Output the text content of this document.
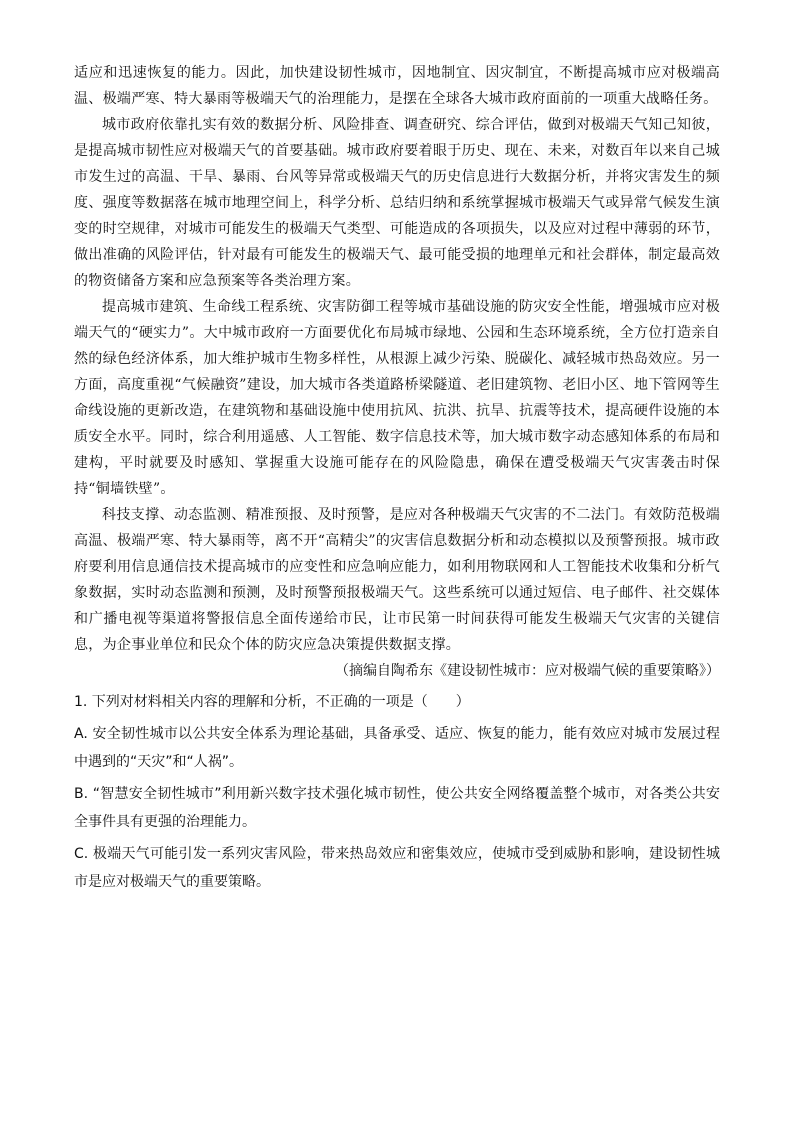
适应和迅速恢复的能力。因此，加快建设韧性城市，因地制宜、因灾制宜，不断提高城市应对极端高温、极端严寒、特大暴雨等极端天气的治理能力，是摆在全球各大城市政府面前的一项重大战略任务。

城市政府依靠扎实有效的数据分析、风险排查、调查研究、综合评估，做到对极端天气知己知彼，是提高城市韧性应对极端天气的首要基础。城市政府要着眼于历史、现在、未来，对数百年以来自己城市发生过的高温、干旱、暴雨、台风等异常或极端天气的历史信息进行大数据分析，并将灾害发生的频度、强度等数据落在城市地理空间上，科学分析、总结归纳和系统掌握城市极端天气或异常气候发生演变的时空规律，对城市可能发生的极端天气类型、可能造成的各项损失，以及应对过程中薄弱的环节，做出准确的风险评估，针对最有可能发生的极端天气、最可能受损的地理单元和社会群体，制定最高效的物资储备方案和应急预案等各类治理方案。

提高城市建筑、生命线工程系统、灾害防御工程等城市基础设施的防灾安全性能，增强城市应对极端天气的“硬实力”。大中城市政府一方面要优化布局城市绿地、公园和生态环境系统，全方位打造亲自然的绿色经济体系，加大维护城市生物多样性，从根源上减少污染、脱碳化、减轻城市热岛效应。另一方面，高度重视“气候融资”建设，加大城市各类道路桥梁隧道、老旧建筑物、老旧小区、地下管网等生命线设施的更新改造，在建筑物和基础设施中使用抗风、抗洪、抗旱、抗震等技术，提高硬件设施的本质安全水平。同时，综合利用遥感、人工智能、数字信息技术等，加大城市数字动态感知体系的布局和建构，平时就要及时感知、掌握重大设施可能存在的风险隐患，确保在遭受极端天气灾害袭击时保持“铜墙铁壁”。

科技支撑、动态监测、精准预报、及时预警，是应对各种极端天气灾害的不二法门。有效防范极端高温、极端严寒、特大暴雨等，离不开“高精尖”的灾害信息数据分析和动态模拟以及预警预报。城市政府要利用信息通信技术提高城市的应变性和应急响应能力，如利用物联网和人工智能技术收集和分析气象数据，实时动态监测和预测，及时预警预报极端天气。这些系统可以通过短信、电子邮件、社交媒体和广播电视等渠道将警报信息全面传递给市民，让市民第一时间获得可能发生极端天气灾害的关键信息，为企事业单位和民众个体的防灾应急决策提供数据支撑。

（摘编自陶希东《建设韧性城市：应对极端气候的重要策略》）

1. 下列对材料相关内容的理解和分析，不正确的一项是（　　）

A. 安全韧性城市以公共安全体系为理论基础，具备承受、适应、恢复的能力，能有效应对城市发展过程中遇到的“天灾”和“人祸”。

B. “智慧安全韧性城市”利用新兴数字技术强化城市韧性，使公共安全网络覆盖整个城市，对各类公共安全事件具有更强的治理能力。

C. 极端天气可能引发一系列灾害风险，带来热岛效应和密集效应，使城市受到威胁和影响，建设韧性城市是应对极端天气的重要策略。
